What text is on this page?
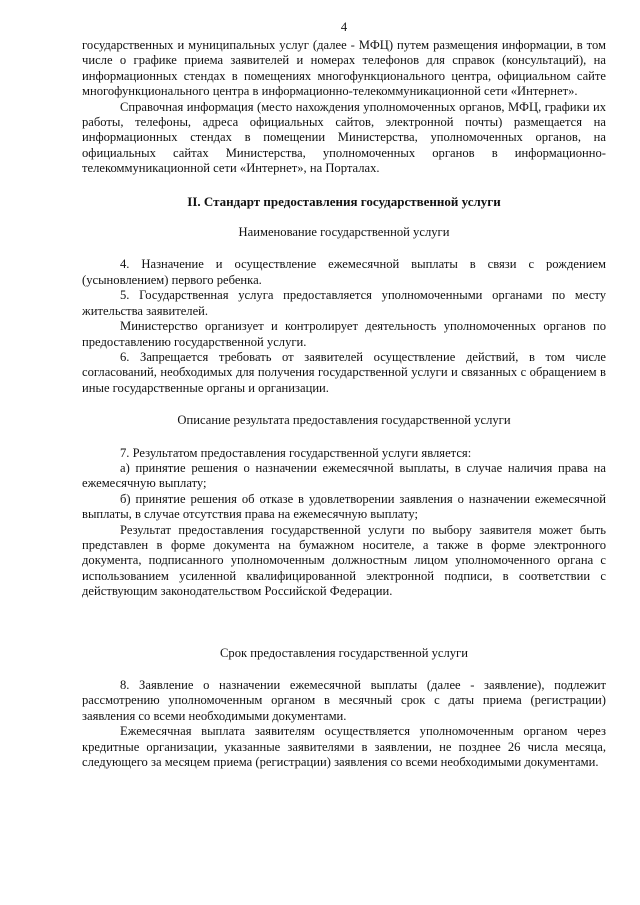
4

государственных и муниципальных услуг (далее - МФЦ) путем размещения информации, в том числе о графике приема заявителей и номерах телефонов для справок (консультаций), на информационных стендах в помещениях многофункционального центра, официальном сайте многофункционального центра в информационно-телекоммуникационной сети «Интернет».

Справочная информация (место нахождения уполномоченных органов, МФЦ, графики их работы, телефоны, адреса официальных сайтов, электронной почты) размещается на информационных стендах в помещении Министерства, уполномоченных органов, на официальных сайтах Министерства, уполномоченных органов в информационно-телекоммуникационной сети «Интернет», на Порталах.

II. Стандарт предоставления государственной услуги

Наименование государственной услуги

4. Назначение и осуществление ежемесячной выплаты в связи с рождением (усыновлением) первого ребенка.

5. Государственная услуга предоставляется уполномоченными органами по месту жительства заявителей.

Министерство организует и контролирует деятельность уполномоченных органов по предоставлению государственной услуги.

6. Запрещается требовать от заявителей осуществление действий, в том числе согласований, необходимых для получения государственной услуги и связанных с обращением в иные государственные органы и организации.

Описание результата предоставления государственной услуги

7. Результатом предоставления государственной услуги является:

а) принятие решения о назначении ежемесячной выплаты, в случае наличия права на ежемесячную выплату;

б) принятие решения об отказе в удовлетворении заявления о назначении ежемесячной выплаты, в случае отсутствия права на ежемесячную выплату;

Результат предоставления государственной услуги по выбору заявителя может быть представлен в форме документа на бумажном носителе, а также в форме электронного документа, подписанного уполномоченным должностным лицом уполномоченного органа с использованием усиленной квалифицированной электронной подписи, в соответствии с действующим законодательством Российской Федерации.

Срок предоставления государственной услуги

8. Заявление о назначении ежемесячной выплаты (далее - заявление), подлежит рассмотрению уполномоченным органом в месячный срок с даты приема (регистрации) заявления со всеми необходимыми документами.

Ежемесячная выплата заявителям осуществляется уполномоченным органом через кредитные организации, указанные заявителями в заявлении, не позднее 26 числа месяца, следующего за месяцем приема (регистрации) заявления со всеми необходимыми документами.
